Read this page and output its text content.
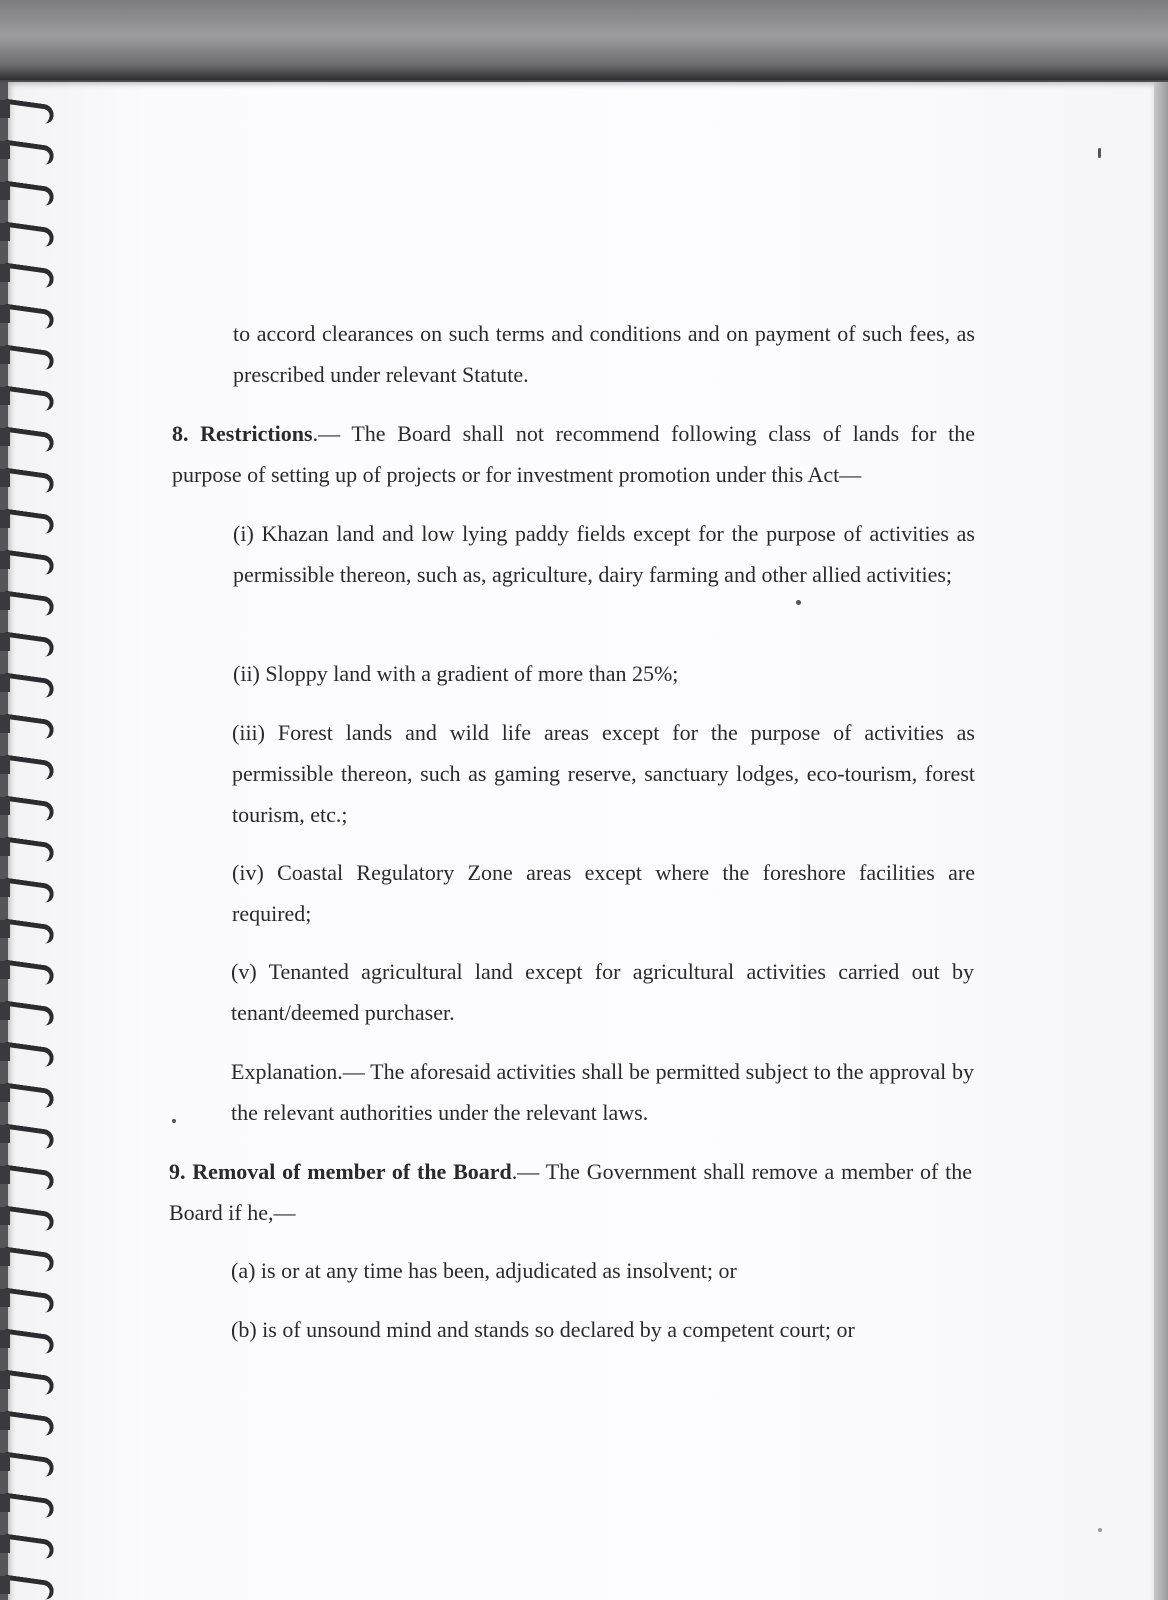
to accord clearances on such terms and conditions and on payment of such fees, as prescribed under relevant Statute.

8. Restrictions.— The Board shall not recommend following class of lands for the purpose of setting up of projects or for investment promotion under this Act—

(i) Khazan land and low lying paddy fields except for the purpose of activities as permissible thereon, such as, agriculture, dairy farming and other allied activities;

(ii) Sloppy land with a gradient of more than 25%;

(iii) Forest lands and wild life areas except for the purpose of activities as permissible thereon, such as gaming reserve, sanctuary lodges, eco-tourism, forest tourism, etc.;

(iv) Coastal Regulatory Zone areas except where the foreshore facilities are required;

(v) Tenanted agricultural land except for agricultural activities carried out by tenant/deemed purchaser.

Explanation.— The aforesaid activities shall be permitted subject to the approval by the relevant authorities under the relevant laws.

9. Removal of member of the Board.— The Government shall remove a member of the Board if he,—

(a) is or at any time has been, adjudicated as insolvent; or

(b) is of unsound mind and stands so declared by a competent court; or
